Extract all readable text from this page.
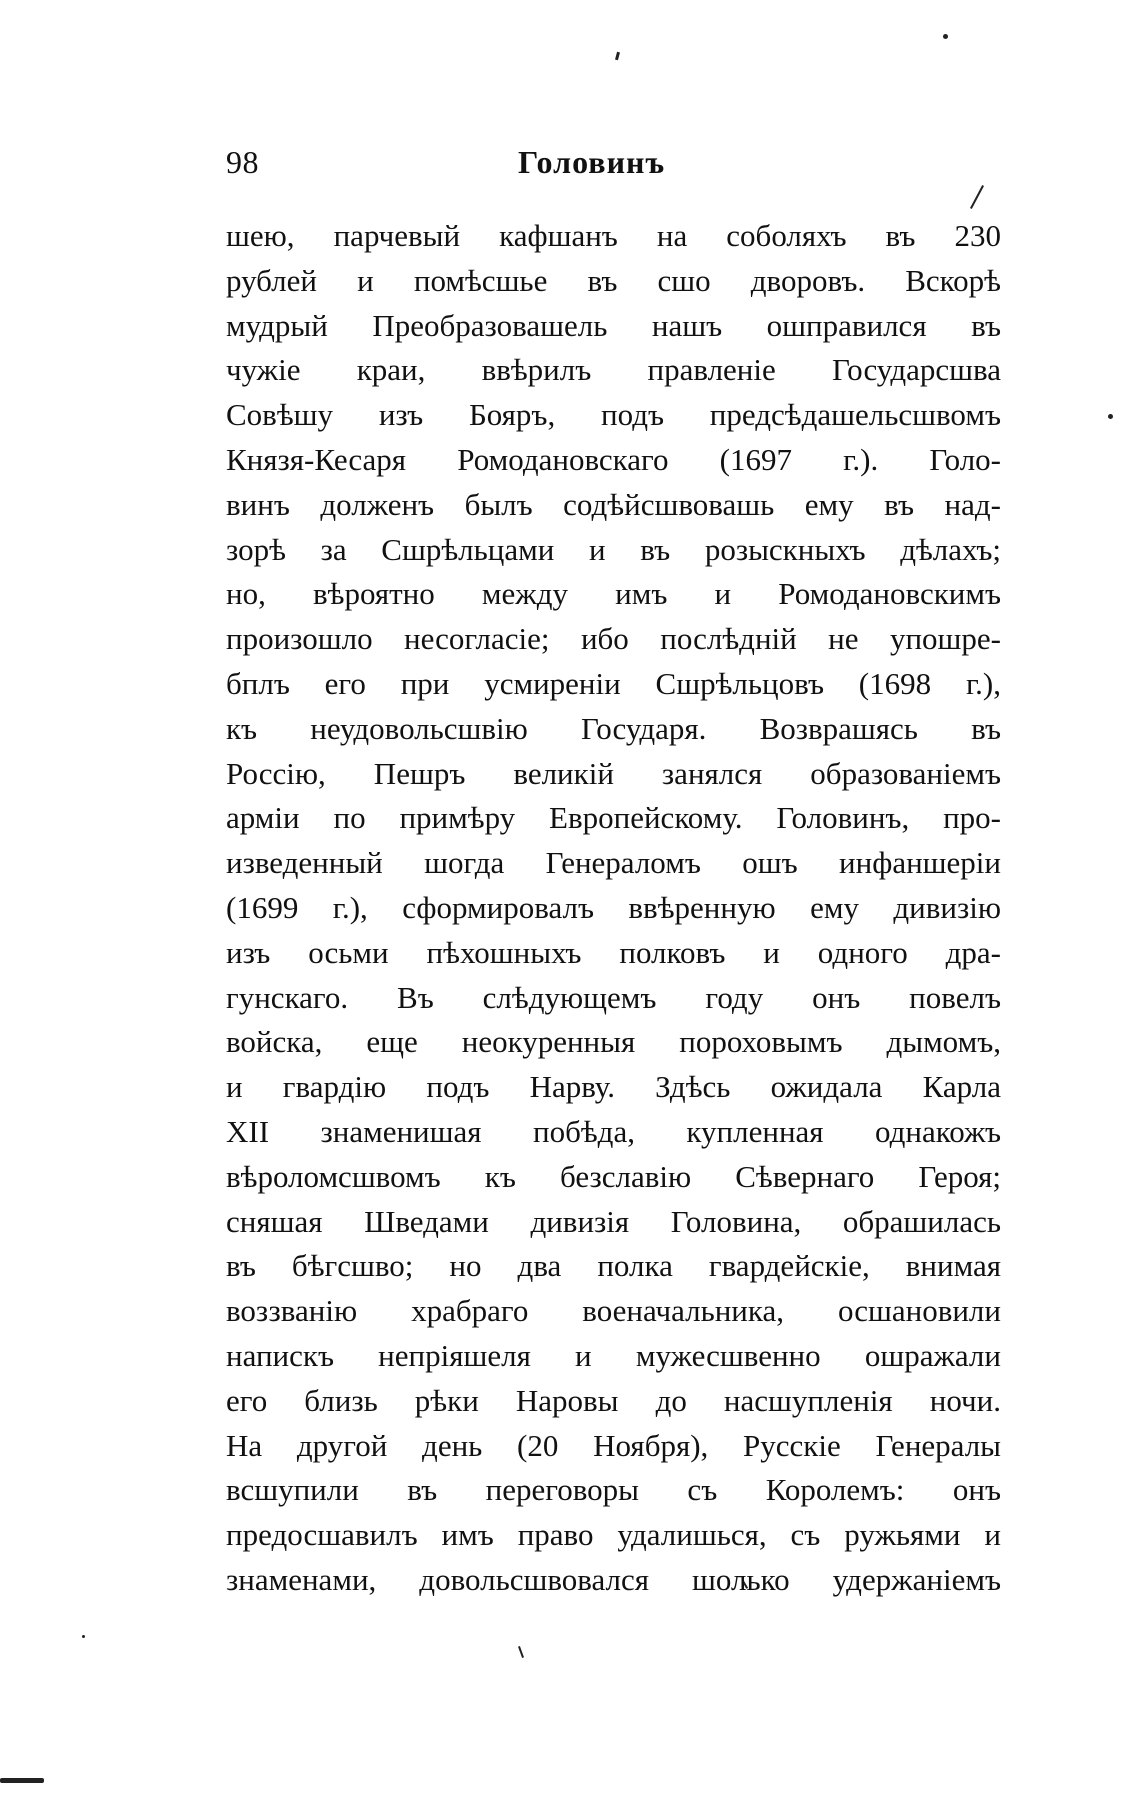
98	Головинъ
шею, парчевый кафшанъ на соболяхъ въ 230
рублей и помѣсшье въ сшо дворовъ. Вскорѣ
мудрый Преобразовашель нашъ ошправился въ
чужіе краи, ввѣрилъ правленіе Государсшва
Совѣшу изъ Бояръ, подъ предсѣдашельсшвомъ
Князя-Кесаря Ромодановскаго (1697 г.). Голо-
винъ долженъ былъ содѣйсшвовашь ему въ над-
зорѣ за Сшрѣльцами и въ розыскныхъ дѣлахъ;
но, вѣроятно между имъ и Ромодановскимъ
произошло несогласіе; ибо послѣдній не упошре-
бплъ его при усмиреніи Сшрѣльцовъ (1698 г.),
къ неудовольсшвію Государя. Возврашясь въ
Россію, Пешръ великій занялся образованіемъ
арміи по примѣру Европейскому. Головинъ, про-
изведенный шогда Генераломъ ошъ инфаншеріи
(1699 г.), сформировалъ ввѣренную ему дивизію
изъ осьми пѣхошныхъ полковъ и одного дра-
гунскаго. Въ слѣдующемъ году онъ повелъ
войска, еще неокуренныя пороховымъ дымомъ,
и гвардію подъ Нарву. Здѣсь ожидала Карла
XII знаменишая побѣда, купленная однакожъ
вѣроломсшвомъ къ безславію Сѣвернаго Героя;
сняшая Шведами дивизія Головина, обрашилась
въ бѣгсшво; но два полка гвардейскіе, внимая
воззванію храбраго военачальника, осшановили
напискъ непріяшеля и мужесшвенно ошражали
его близь рѣки Наровы до насшупленія ночи.
На другой день (20 Ноября), Русскіе Генералы
всшупили въ переговоры съ Королемъ: онъ
предосшавилъ имъ право удалишься, съ ружьями и
знаменами, довольсшвовался шолько удержаніемъ
